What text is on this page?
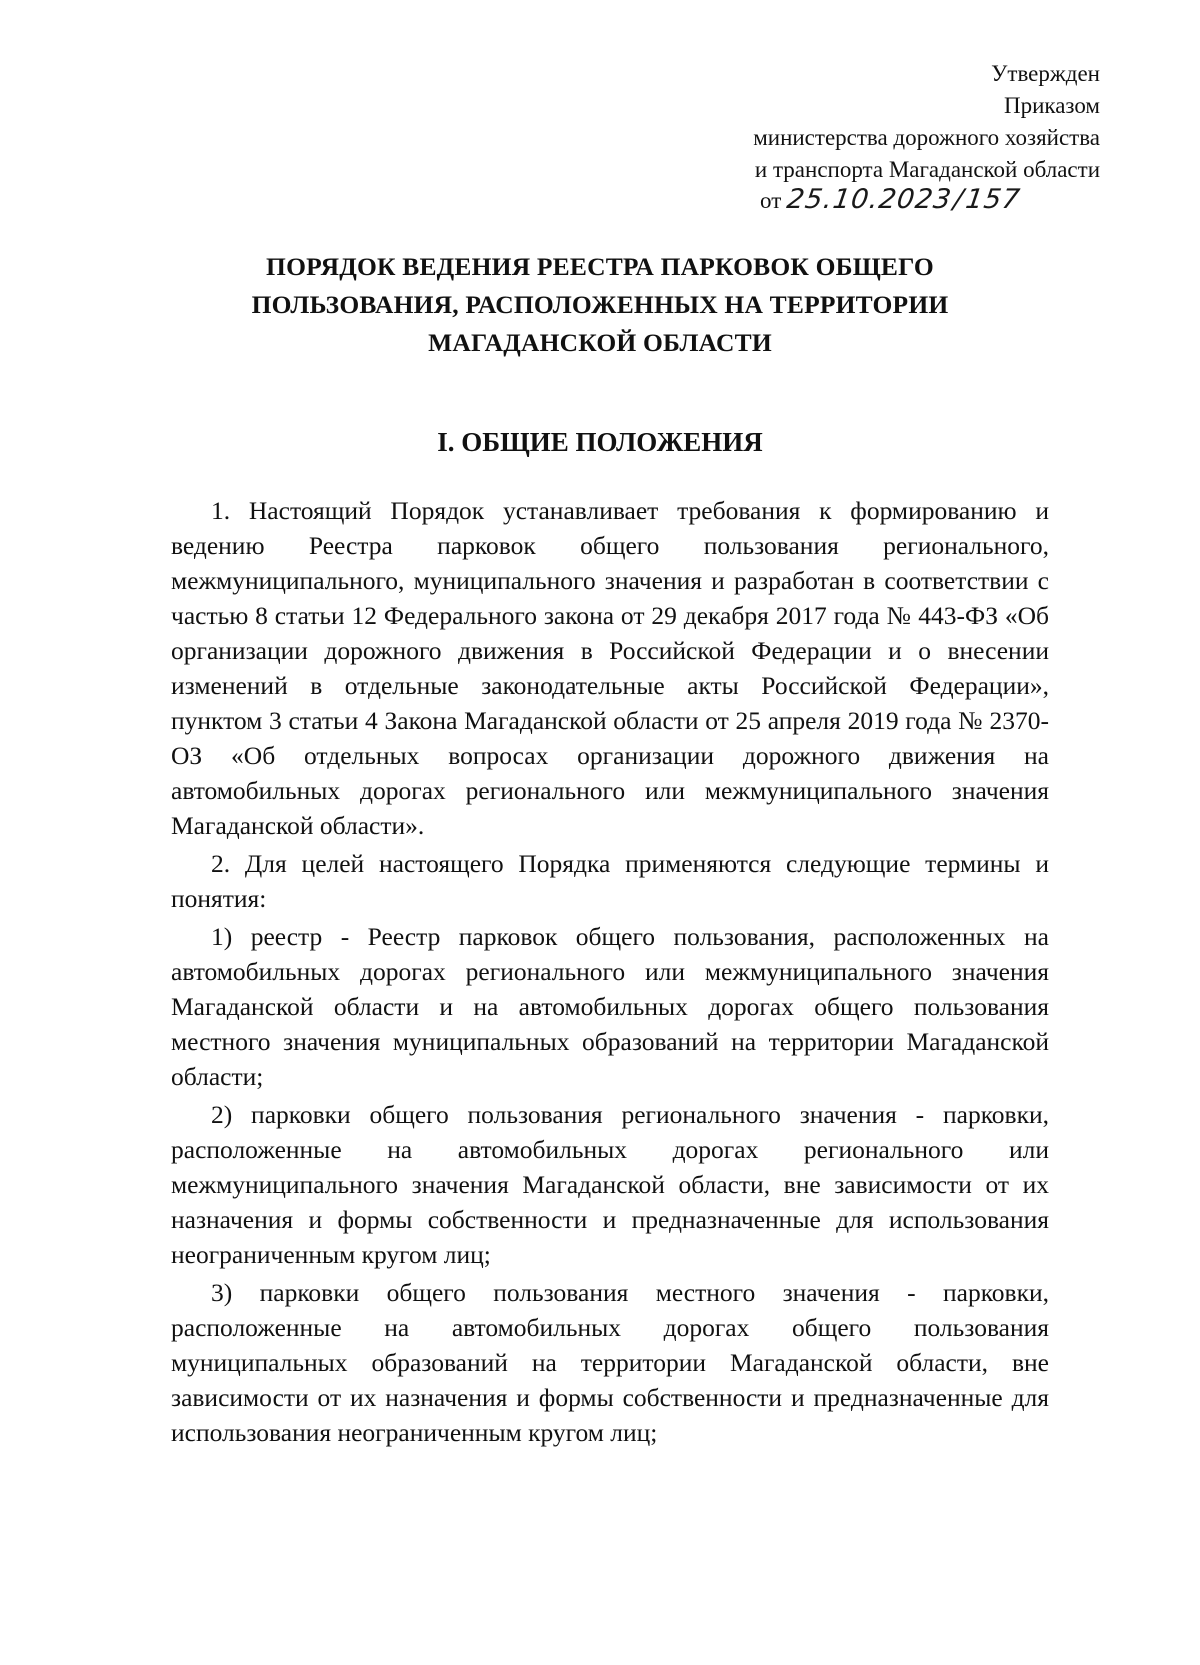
Утвержден
Приказом
министерства дорожного хозяйства
и транспорта Магаданской области
от 25.10.2023/157
ПОРЯДОК ВЕДЕНИЯ РЕЕСТРА ПАРКОВОК ОБЩЕГО
ПОЛЬЗОВАНИЯ, РАСПОЛОЖЕННЫХ НА ТЕРРИТОРИИ
МАГАДАНСКОЙ ОБЛАСТИ
I. ОБЩИЕ ПОЛОЖЕНИЯ

1. Настоящий Порядок устанавливает требования к формированию и ведению Реестра парковок общего пользования регионального, межмуниципального, муниципального значения и разработан в соответствии с частью 8 статьи 12 Федерального закона от 29 декабря 2017 года № 443-ФЗ «Об организации дорожного движения в Российской Федерации и о внесении изменений в отдельные законодательные акты Российской Федерации», пунктом 3 статьи 4 Закона Магаданской области от 25 апреля 2019 года № 2370-ОЗ «Об отдельных вопросах организации дорожного движения на автомобильных дорогах регионального или межмуниципального значения Магаданской области».

2. Для целей настоящего Порядка применяются следующие термины и понятия:

1) реестр - Реестр парковок общего пользования, расположенных на автомобильных дорогах регионального или межмуниципального значения Магаданской области и на автомобильных дорогах общего пользования местного значения муниципальных образований на территории Магаданской области;

2) парковки общего пользования регионального значения - парковки, расположенные на автомобильных дорогах регионального или межмуниципального значения Магаданской области, вне зависимости от их назначения и формы собственности и предназначенные для использования неограниченным кругом лиц;

3) парковки общего пользования местного значения - парковки, расположенные на автомобильных дорогах общего пользования муниципальных образований на территории Магаданской области, вне зависимости от их назначения и формы собственности и предназначенные для использования неограниченным кругом лиц;
